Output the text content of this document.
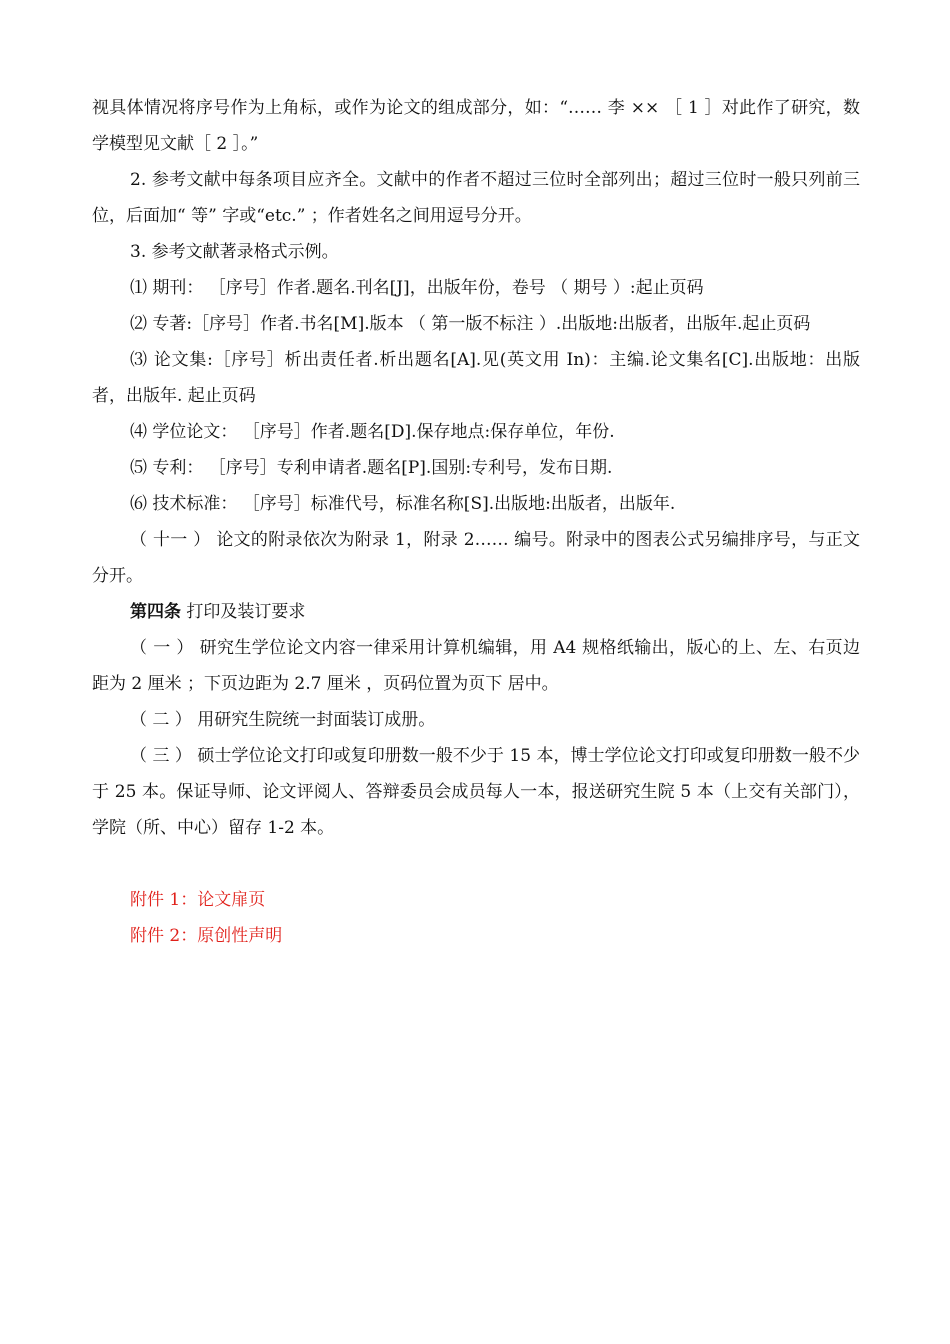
视具体情况将序号作为上角标，或作为论文的组成部分，如：“…… 李 ×× ［ 1 ］对此作了研究，数学模型见文献［ 2 ］。”

2. 参考文献中每条项目应齐全。文献中的作者不超过三位时全部列出；超过三位时一般只列前三位，后面加“ 等” 字或“etc.” ；作者姓名之间用逗号分开。

3. 参考文献著录格式示例。

⑴ 期刊： ［序号］作者.题名.刊名[J]，出版年份，卷号 （ 期号 ）:起止页码

⑵ 专著:［序号］作者.书名[M].版本 （ 第一版不标注 ）.出版地:出版者，出版年.起止页码

⑶ 论文集:［序号］析出责任者.析出题名[A].见(英文用 In)：主编.论文集名[C].出版地：出版者，出版年. 起止页码

⑷ 学位论文： ［序号］作者.题名[D].保存地点:保存单位，年份.

⑸ 专利： ［序号］专利申请者.题名[P].国别:专利号，发布日期.

⑹ 技术标准： ［序号］标准代号，标准名称[S].出版地:出版者，出版年.

（ 十一 ） 论文的附录依次为附录 1，附录 2…… 编号。附录中的图表公式另编排序号，与正文分开。

第四条 打印及装订要求

（ 一 ） 研究生学位论文内容一律采用计算机编辑，用 A4 规格纸输出，版心的上、左、右页边距为 2 厘米 ；下页边距为 2.7 厘米 ，页码位置为页下 居中。

（ 二 ） 用研究生院统一封面装订成册。

（ 三 ） 硕士学位论文打印或复印册数一般不少于 15 本，博士学位论文打印或复印册数一般不少于 25 本。保证导师、论文评阅人、答辩委员会成员每人一本，报送研究生院 5 本（上交有关部门），学院（所、中心）留存 1-2 本。

附件 1：论文扉页

附件 2：原创性声明
